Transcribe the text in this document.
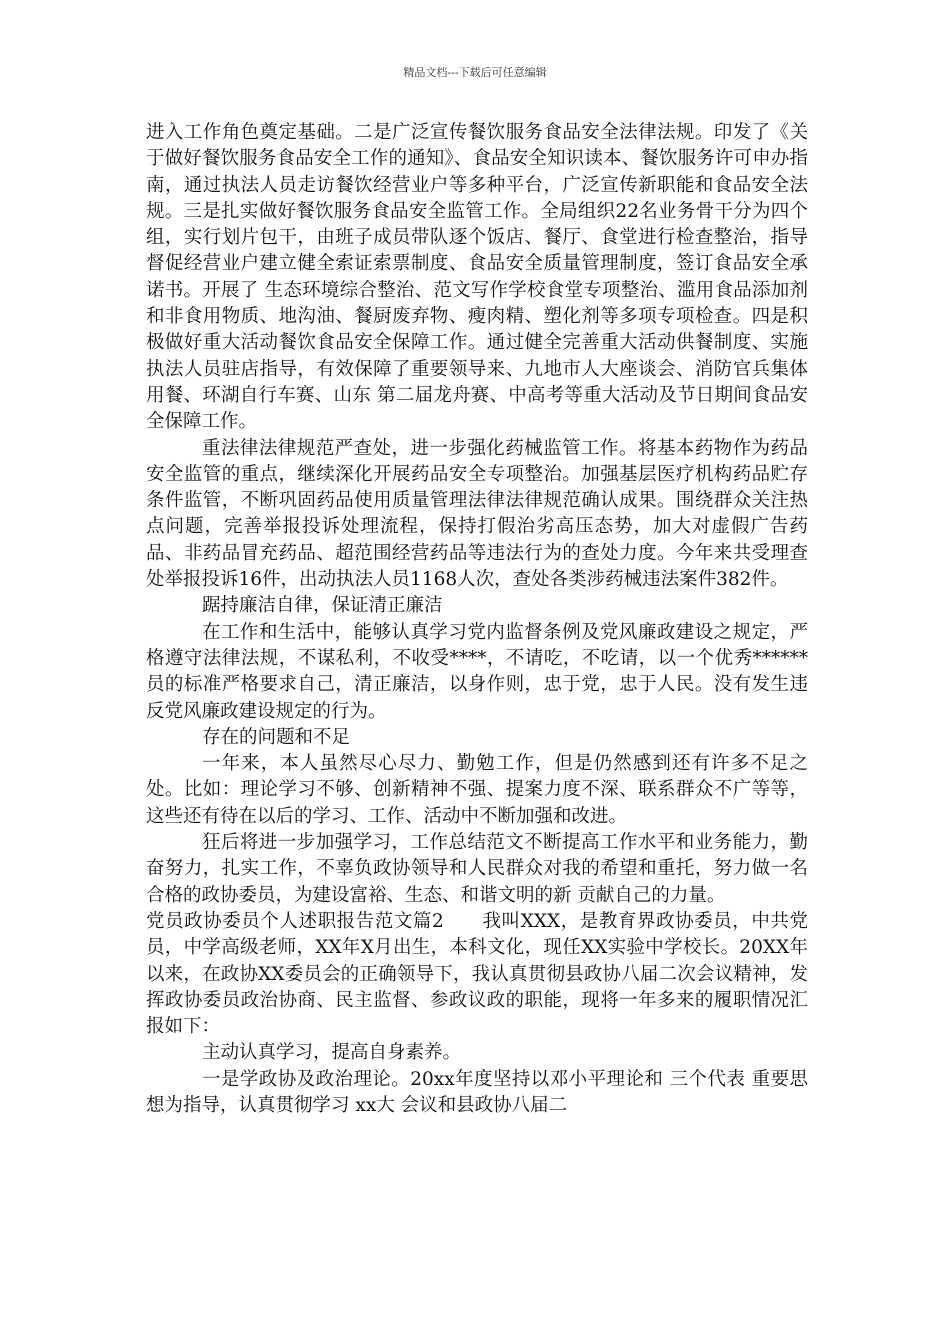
精品文档---下载后可任意编辑

进入工作角色奠定基础。二是广泛宣传餐饮服务食品安全法律法规。印发了《关于做好餐饮服务食品安全工作的通知》、食品安全知识读本、餐饮服务许可申办指南，通过执法人员走访餐饮经营业户等多种平台，广泛宣传新职能和食品安全法规。三是扎实做好餐饮服务食品安全监管工作。全局组织22名业务骨干分为四个组，实行划片包干，由班子成员带队逐个饭店、餐厅、食堂进行检查整治，指导督促经营业户建立健全索证索票制度、食品安全质量管理制度，签订食品安全承诺书。开展了 生态环境综合整治、范文写作学校食堂专项整治、滥用食品添加剂和非食用物质、地沟油、餐厨废弃物、瘦肉精、塑化剂等多项专项检查。四是积极做好重大活动餐饮食品安全保障工作。通过健全完善重大活动供餐制度、实施执法人员驻店指导，有效保障了重要领导来、九地市人大座谈会、消防官兵集体用餐、环湖自行车赛、山东 第二届龙舟赛、中高考等重大活动及节日期间食品安全保障工作。

重法律法律规范严查处，进一步强化药械监管工作。将基本药物作为药品安全监管的重点，继续深化开展药品安全专项整治。加强基层医疗机构药品贮存条件监管，不断巩固药品使用质量管理法律法律规范确认成果。围绕群众关注热点问题，完善举报投诉处理流程，保持打假治劣高压态势，加大对虚假广告药品、非药品冒充药品、超范围经营药品等违法行为的查处力度。今年来共受理查处举报投诉16件，出动执法人员1168人次，查处各类涉药械违法案件382件。

踞持廉洁自律，保证清正廉洁

在工作和生活中，能够认真学习党内监督条例及党风廉政建设之规定，严格遵守法律法规，不谋私利，不收受****，不请吃，不吃请，以一个优秀******员的标准严格要求自己，清正廉洁，以身作则，忠于党，忠于人民。没有发生违反党风廉政建设规定的行为。

存在的问题和不足

一年来，本人虽然尽心尽力、勤勉工作，但是仍然感到还有许多不足之处。比如：理论学习不够、创新精神不强、提案力度不深、联系群众不广等等，这些还有待在以后的学习、工作、活动中不断加强和改进。

狂后将进一步加强学习，工作总结范文不断提高工作水平和业务能力，勤奋努力，扎实工作，不辜负政协领导和人民群众对我的希望和重托，努力做一名合格的政协委员，为建设富裕、生态、和谐文明的新 贡献自己的力量。

党员政协委员个人述职报告范文篇2　　我叫XXX，是教育界政协委员，中共党员，中学高级老师，XX年X月出生，本科文化，现任XX实验中学校长。20XX年以来，在政协XX委员会的正确领导下，我认真贯彻县政协八届二次会议精神，发挥政协委员政治协商、民主监督、参政议政的职能，现将一年多来的履职情况汇报如下：

主动认真学习，提高自身素养。

一是学政协及政治理论。20xx年度坚持以邓小平理论和 三个代表 重要思想为指导，认真贯彻学习 xx大 会议和县政协八届二
